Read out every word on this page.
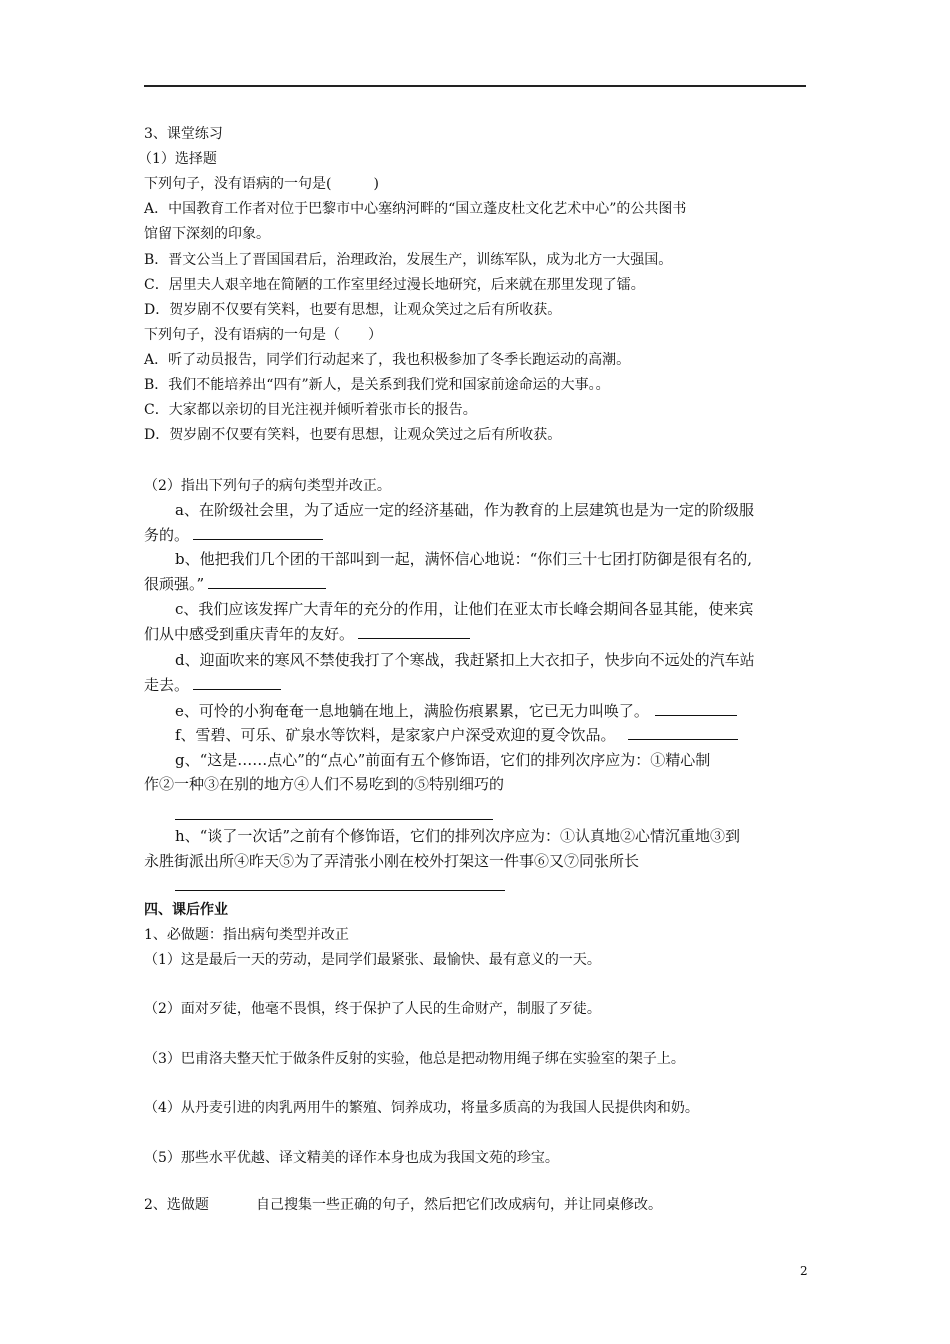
3、课堂练习
（1）选择题
下列句子，没有语病的一句是(　　　)
A．中国教育工作者对位于巴黎市中心塞纳河畔的“国立蓬皮杜文化艺术中心”的公共图书
馆留下深刻的印象。
B．晋文公当上了晋国国君后，治理政治，发展生产，训练军队，成为北方一大强国。
C．居里夫人艰辛地在简陋的工作室里经过漫长地研究，后来就在那里发现了镭。
D．贺岁剧不仅要有笑料，也要有思想，让观众笑过之后有所收获。
下列句子，没有语病的一句是（　　）
A．听了动员报告，同学们行动起来了，我也积极参加了冬季长跑运动的高潮。
B．我们不能培养出“四有”新人，是关系到我们党和国家前途命运的大事。。
C．大家都以亲切的目光注视并倾听着张市长的报告。
D．贺岁剧不仅要有笑料，也要有思想，让观众笑过之后有所收获。
（2）指出下列句子的病句类型并改正。
a、在阶级社会里，为了适应一定的经济基础，作为教育的上层建筑也是为一定的阶级服
务的。
b、他把我们几个团的干部叫到一起，满怀信心地说：“你们三十七团打防御是很有名的,
很顽强。”
c、我们应该发挥广大青年的充分的作用，让他们在亚太市长峰会期间各显其能，使来宾
们从中感受到重庆青年的友好。
d、迎面吹来的寒风不禁使我打了个寒战，我赶紧扣上大衣扣子，快步向不远处的汽车站
走去。
e、可怜的小狗奄奄一息地躺在地上，满脸伤痕累累，它已无力叫唤了。
f、雪碧、可乐、矿泉水等饮料，是家家户户深受欢迎的夏令饮品。
g、“这是……点心”的“点心”前面有五个修饰语，它们的排列次序应为：①精心制
作②一种③在别的地方④人们不易吃到的⑤特别细巧的
h、“谈了一次话”之前有个修饰语，它们的排列次序应为：①认真地②心情沉重地③到
永胜街派出所④昨天⑤为了弄清张小刚在校外打架这一件事⑥又⑦同张所长
四、课后作业
1、必做题：指出病句类型并改正
（1）这是最后一天的劳动，是同学们最紧张、最愉快、最有意义的一天。
（2）面对歹徒，他毫不畏惧，终于保护了人民的生命财产，制服了歹徒。
（3）巴甫洛夫整天忙于做条件反射的实验，他总是把动物用绳子绑在实验室的架子上。
（4）从丹麦引进的肉乳两用牛的繁殖、饲养成功，将量多质高的为我国人民提供肉和奶。
（5）那些水平优越、译文精美的译作本身也成为我国文苑的珍宝。
2、选做题	自己搜集一些正确的句子，然后把它们改成病句，并让同桌修改。
2
